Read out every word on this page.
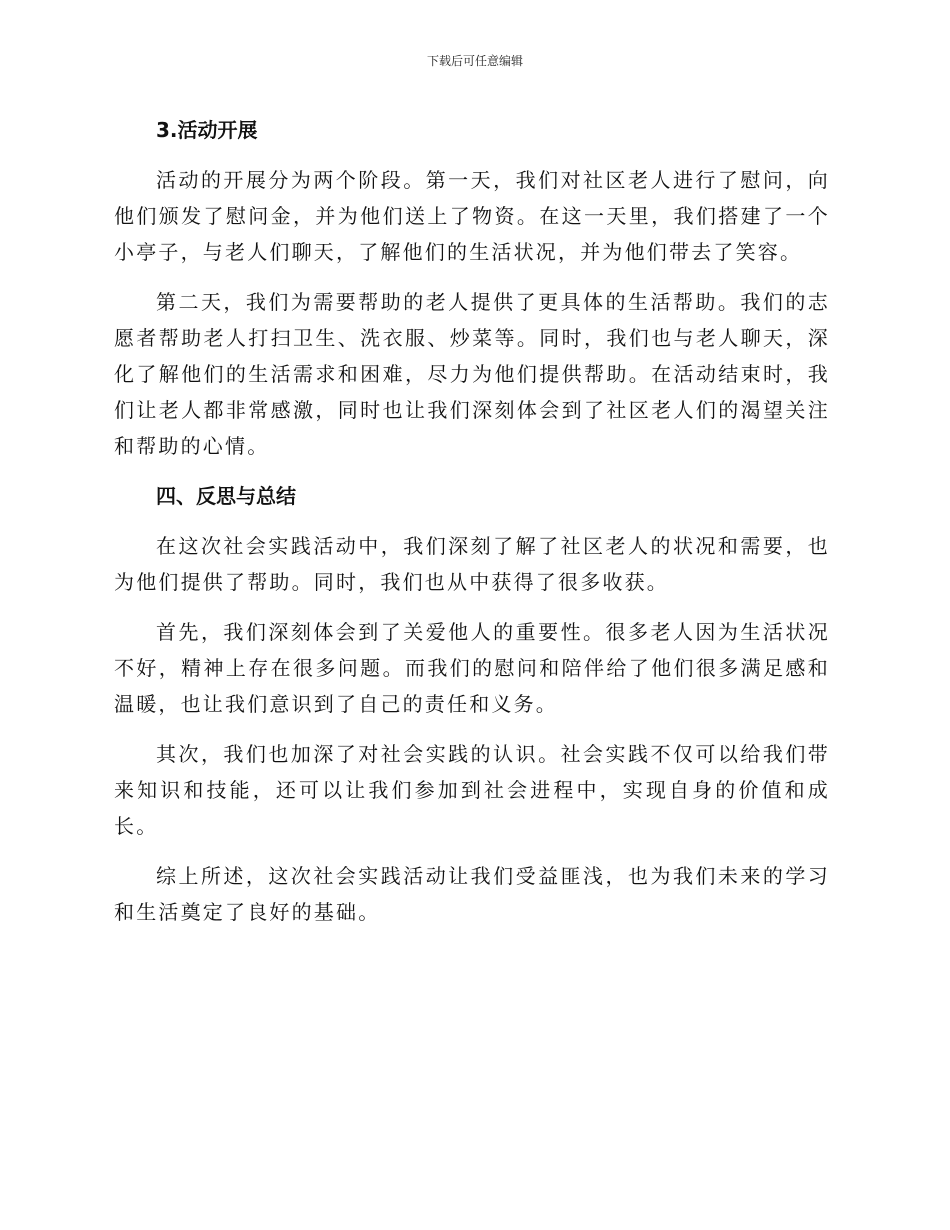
下载后可任意编辑
3.活动开展

活动的开展分为两个阶段。第一天，我们对社区老人进行了慰问，向他们颁发了慰问金，并为他们送上了物资。在这一天里，我们搭建了一个小亭子，与老人们聊天，了解他们的生活状况，并为他们带去了笑容。

第二天，我们为需要帮助的老人提供了更具体的生活帮助。我们的志愿者帮助老人打扫卫生、洗衣服、炒菜等。同时，我们也与老人聊天，深化了解他们的生活需求和困难，尽力为他们提供帮助。在活动结束时，我们让老人都非常感激，同时也让我们深刻体会到了社区老人们的渴望关注和帮助的心情。

四、反思与总结

在这次社会实践活动中，我们深刻了解了社区老人的状况和需要，也为他们提供了帮助。同时，我们也从中获得了很多收获。

首先，我们深刻体会到了关爱他人的重要性。很多老人因为生活状况不好，精神上存在很多问题。而我们的慰问和陪伴给了他们很多满足感和温暖，也让我们意识到了自己的责任和义务。

其次，我们也加深了对社会实践的认识。社会实践不仅可以给我们带来知识和技能，还可以让我们参加到社会进程中，实现自身的价值和成长。

综上所述，这次社会实践活动让我们受益匪浅，也为我们未来的学习和生活奠定了良好的基础。
